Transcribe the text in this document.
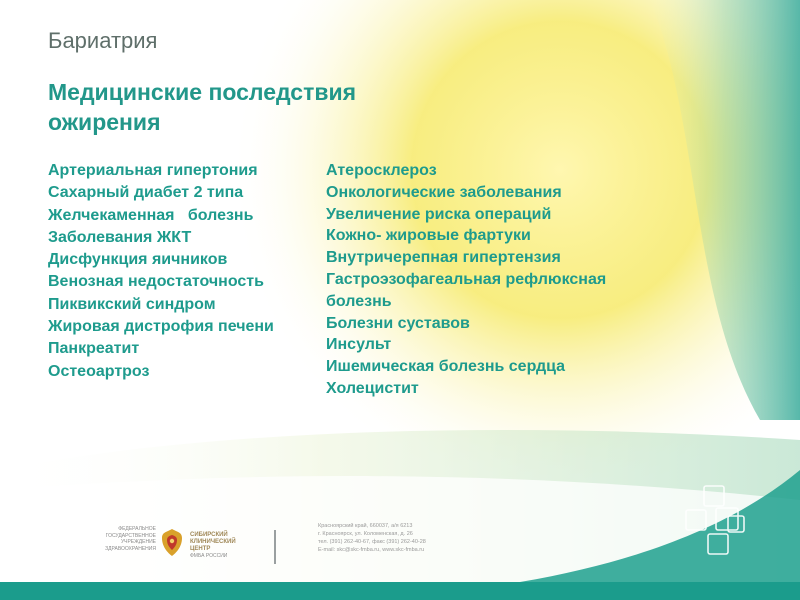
Бариатрия
Медицинские последствия ожирения
Артериальная гипертония
Сахарный диабет 2 типа
Желчекаменная   болезнь
Заболевания ЖКТ
Дисфункция яичников
Венозная недостаточность
Пиквикский синдром
Жировая дистрофия печени
Панкреатит
Остеоартроз
Атеросклероз
Онкологические заболевания
Увеличение риска операций
Кожно- жировые фартуки
Внутричерепная гипертензия
Гастроэзофагеальная рефлюксная болезнь
Болезни суставов
Инсульт
Ишемическая болезнь сердца
Холецистит
ФЕДЕРАЛЬНОЕ
ГОСУДАРСТВЕННОЕ
УЧРЕЖДЕНИЕ
ЗДРАВООХРАНЕНИЯ
СИБИРСКИЙ
КЛИНИЧЕСКИЙ
ЦЕНТР
ФМБА РОССИИ
Красноярский край, 660037, а/я 6213
г. Красноярск, ул. Коломенская, д. 26
тел. (391) 262-40-67, факс (391) 262-40-28
E-mail: skc@skc-fmba.ru, www.skc-fmba.ru
